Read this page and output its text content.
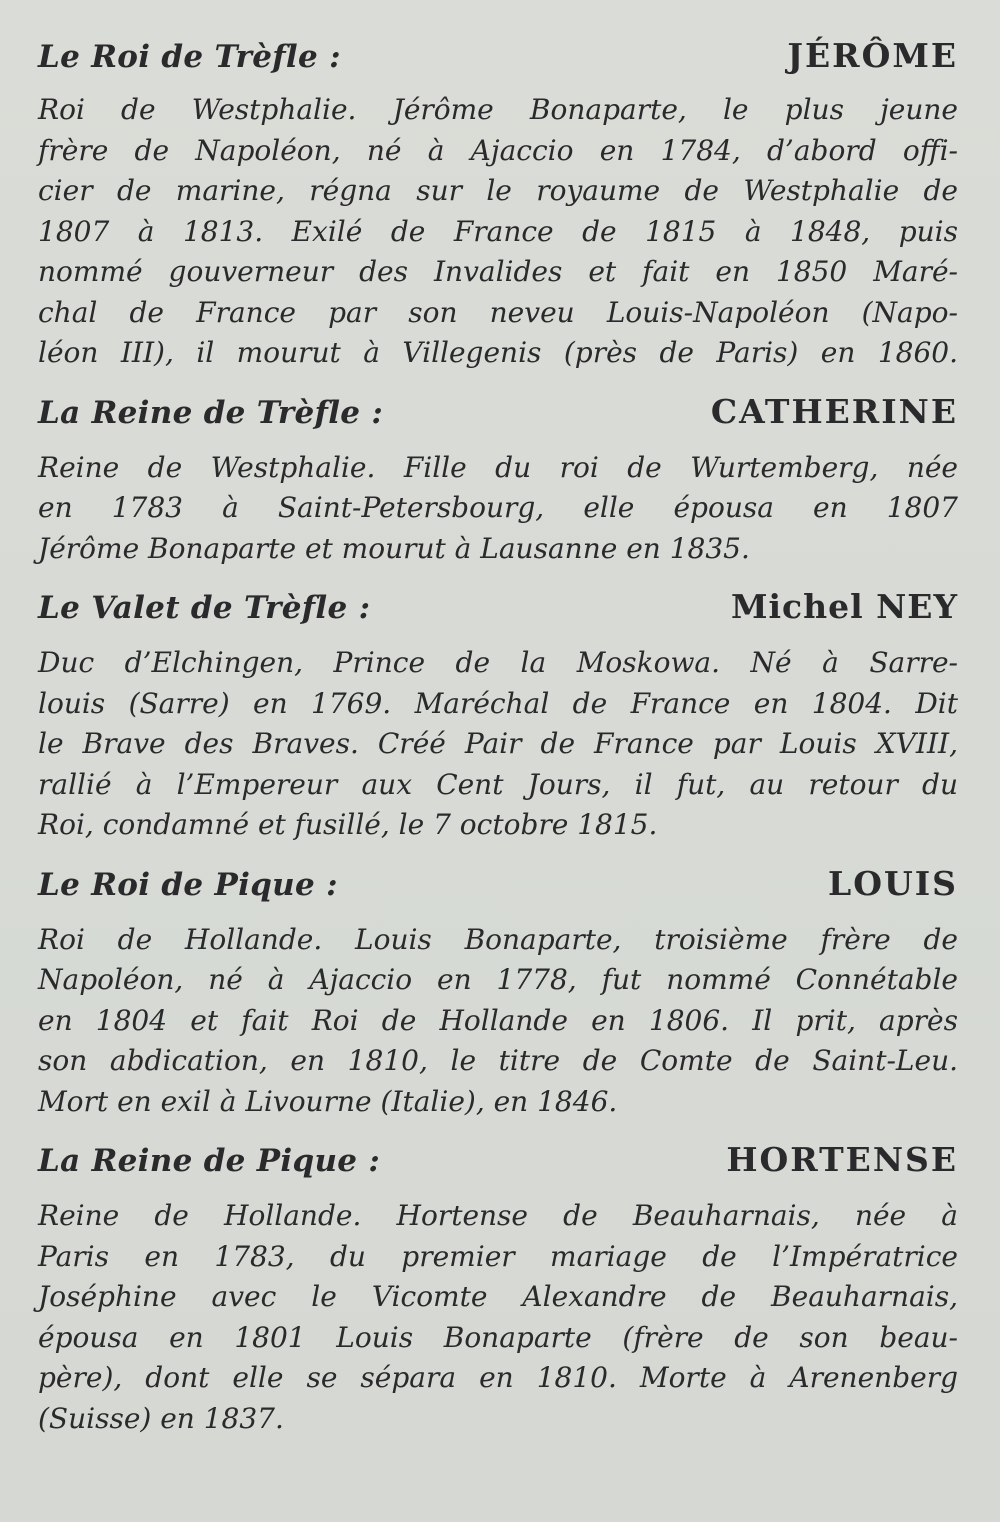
Le Roi de Trèfle :	JÉRÔME
Roi de Westphalie. Jérôme Bonaparte, le plus jeune
frère de Napoléon, né à Ajaccio en 1784, d’abord offi-
cier de marine, régna sur le royaume de Westphalie de
1807 à 1813. Exilé de France de 1815 à 1848, puis
nommé gouverneur des Invalides et fait en 1850 Maré-
chal de France par son neveu Louis-Napoléon (Napo-
léon III), il mourut à Villegenis (près de Paris) en 1860.
La Reine de Trèfle :	CATHERINE
Reine de Westphalie. Fille du roi de Wurtemberg, née
en 1783 à Saint-Petersbourg, elle épousa en 1807
Jérôme Bonaparte et mourut à Lausanne en 1835.
Le Valet de Trèfle :	Michel NEY
Duc d’Elchingen, Prince de la Moskowa. Né à Sarre-
louis (Sarre) en 1769. Maréchal de France en 1804. Dit
le Brave des Braves. Créé Pair de France par Louis XVIII,
rallié à l’Empereur aux Cent Jours, il fut, au retour du
Roi, condamné et fusillé, le 7 octobre 1815.
Le Roi de Pique :	LOUIS
Roi de Hollande. Louis Bonaparte, troisième frère de
Napoléon, né à Ajaccio en 1778, fut nommé Connétable
en 1804 et fait Roi de Hollande en 1806. Il prit, après
son abdication, en 1810, le titre de Comte de Saint-Leu.
Mort en exil à Livourne (Italie), en 1846.
La Reine de Pique :	HORTENSE
Reine de Hollande. Hortense de Beauharnais, née à
Paris en 1783, du premier mariage de l’Impératrice
Joséphine avec le Vicomte Alexandre de Beauharnais,
épousa en 1801 Louis Bonaparte (frère de son beau-
père), dont elle se sépara en 1810. Morte à Arenenberg
(Suisse) en 1837.
